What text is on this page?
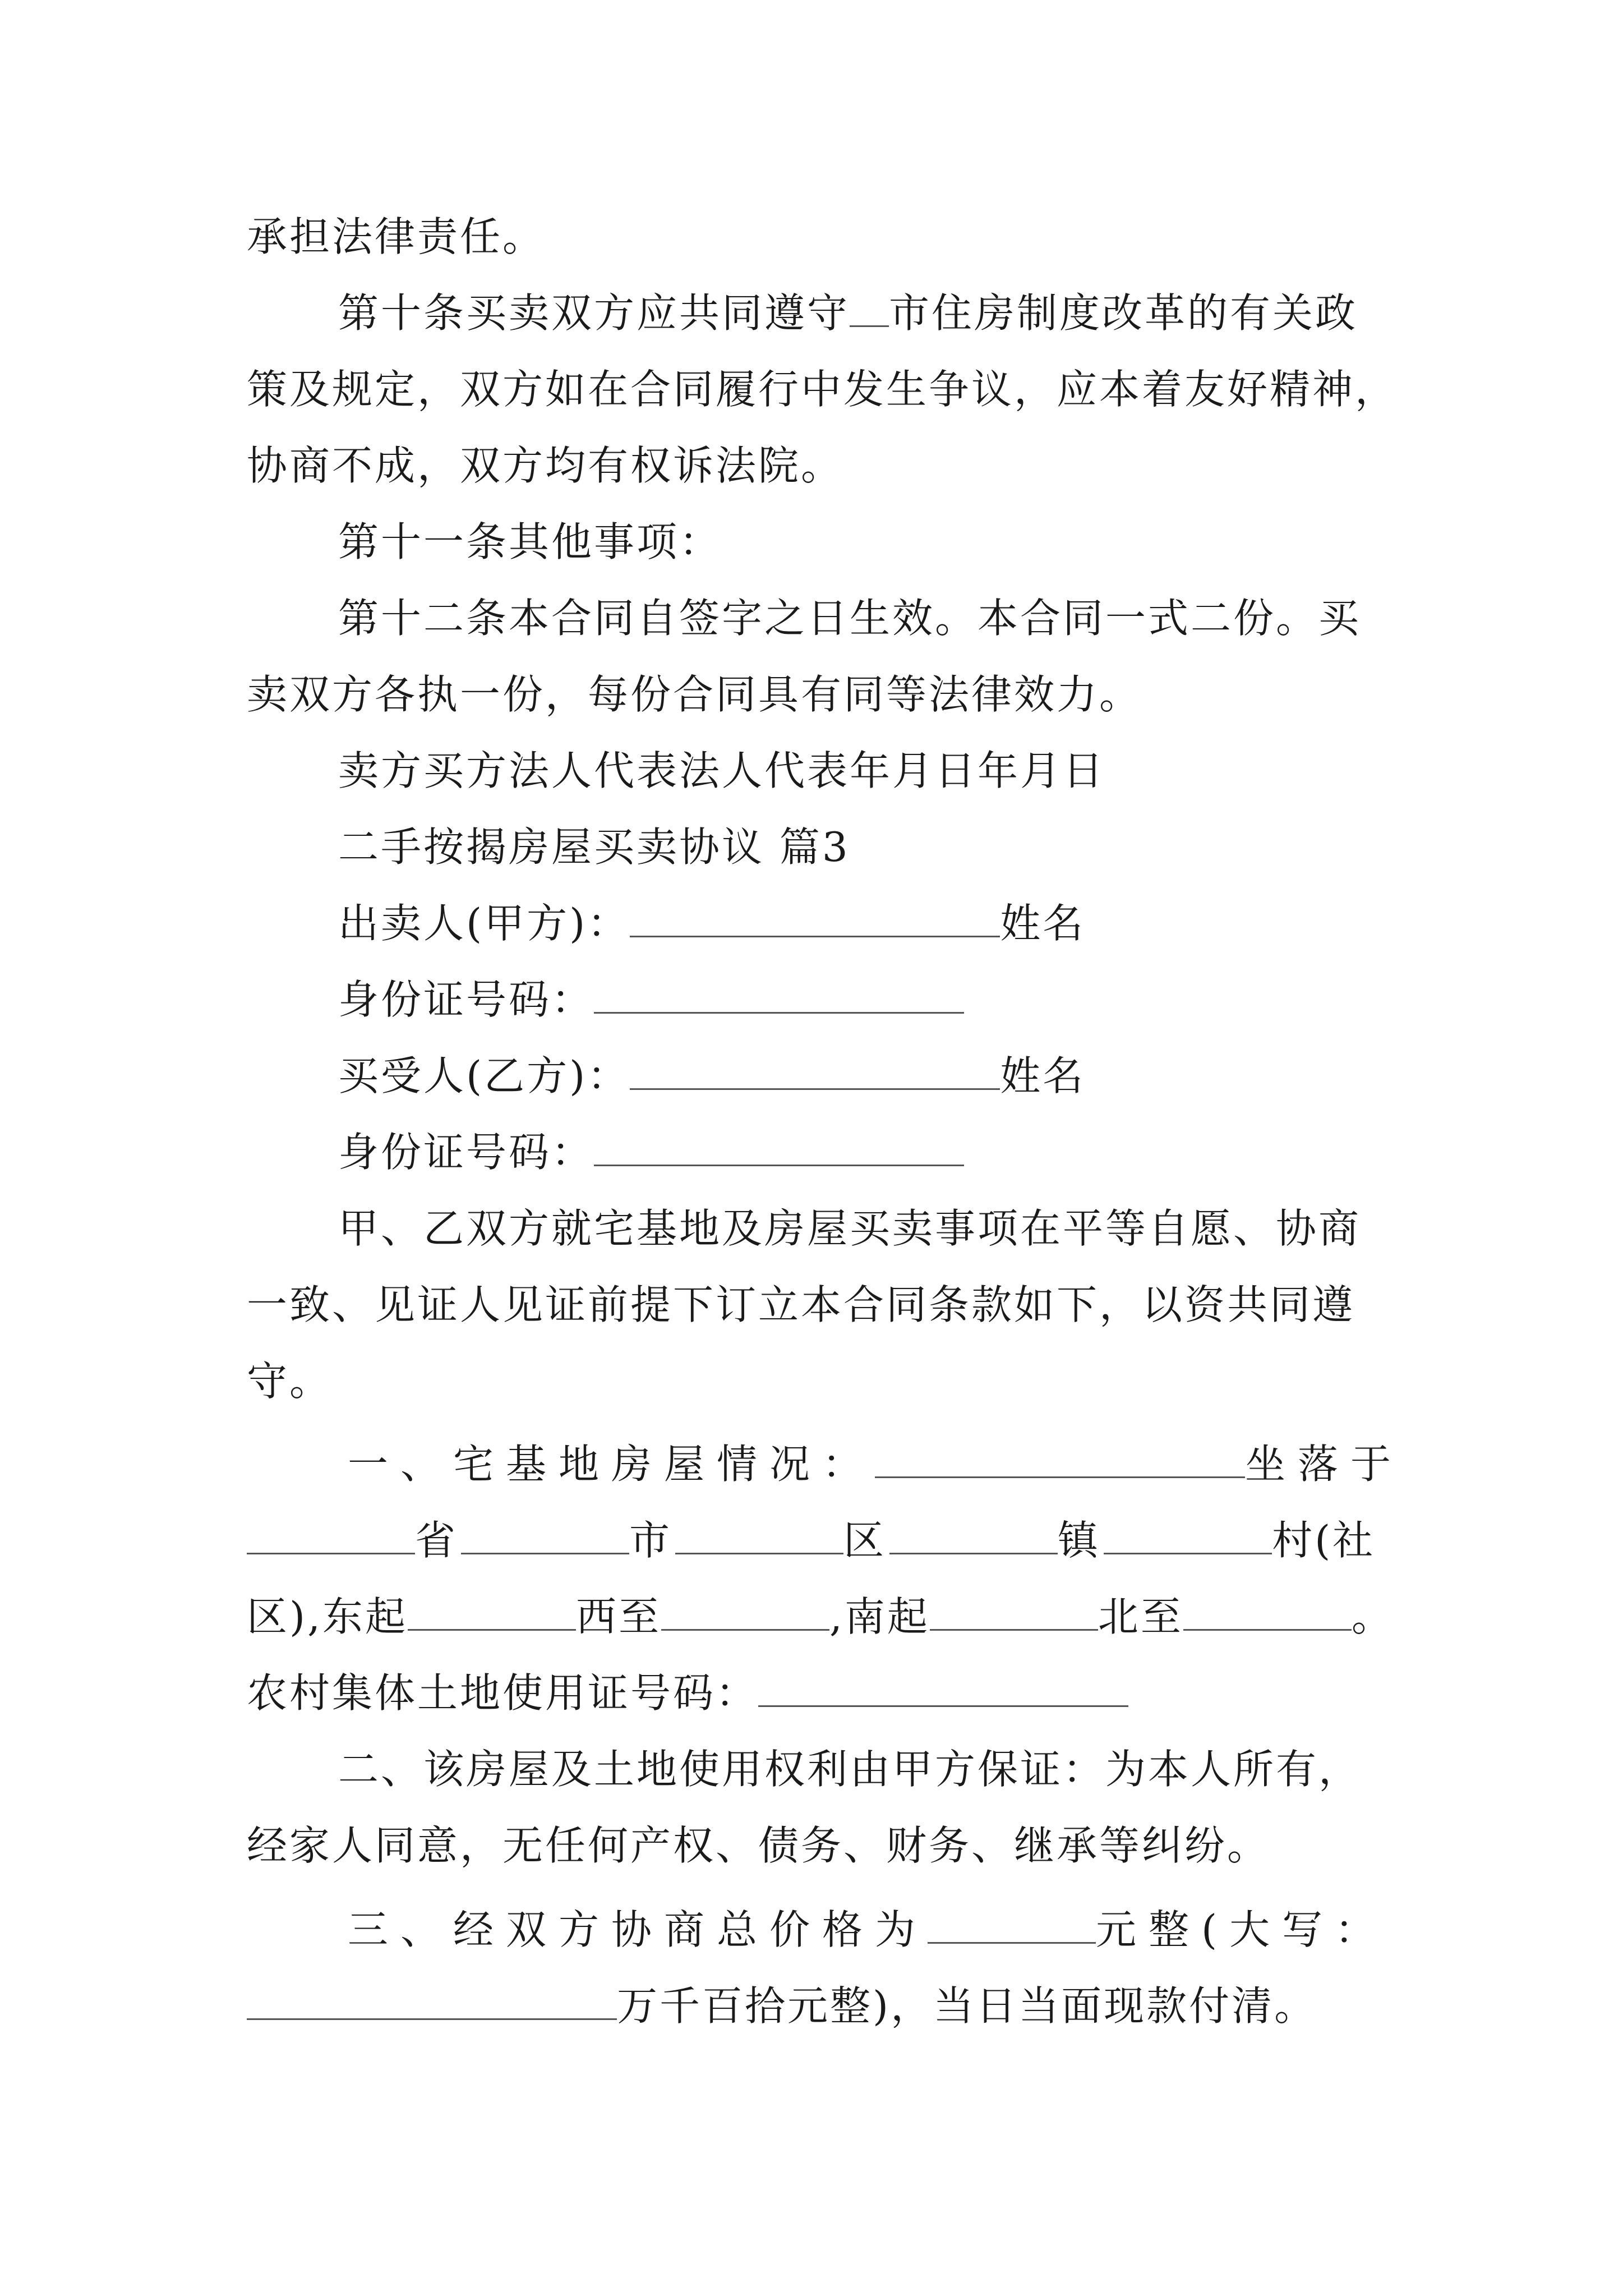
承担法律责任。
第十条买卖双方应共同遵守 市住房制度改革的有关政
策及规定，双方如在合同履行中发生争议，应本着友好精神，
协商不成，双方均有权诉法院。
第十一条其他事项：
第十二条本合同自签字之日生效。本合同一式二份。买
卖双方各执一份，每份合同具有同等法律效力。
卖方买方法人代表法人代表年月日年月日
二手按揭房屋买卖协议 篇3
出卖人(甲方)：	姓名
身份证号码：
买受人(乙方)：	姓名
身份证号码：
甲、乙双方就宅基地及房屋买卖事项在平等自愿、协商
一致、见证人见证前提下订立本合同条款如下，以资共同遵
守。
一、宅基地房屋情况：	坐落于
省	市	区	镇	村(社
区),东起	西至	,南起	北至	。
农村集体土地使用证号码：
二、该房屋及土地使用权利由甲方保证：为本人所有，
经家人同意，无任何产权、债务、财务、继承等纠纷。
三、经双方协商总价格为	元整(大写：
万千百拾元整)，当日当面现款付清。
